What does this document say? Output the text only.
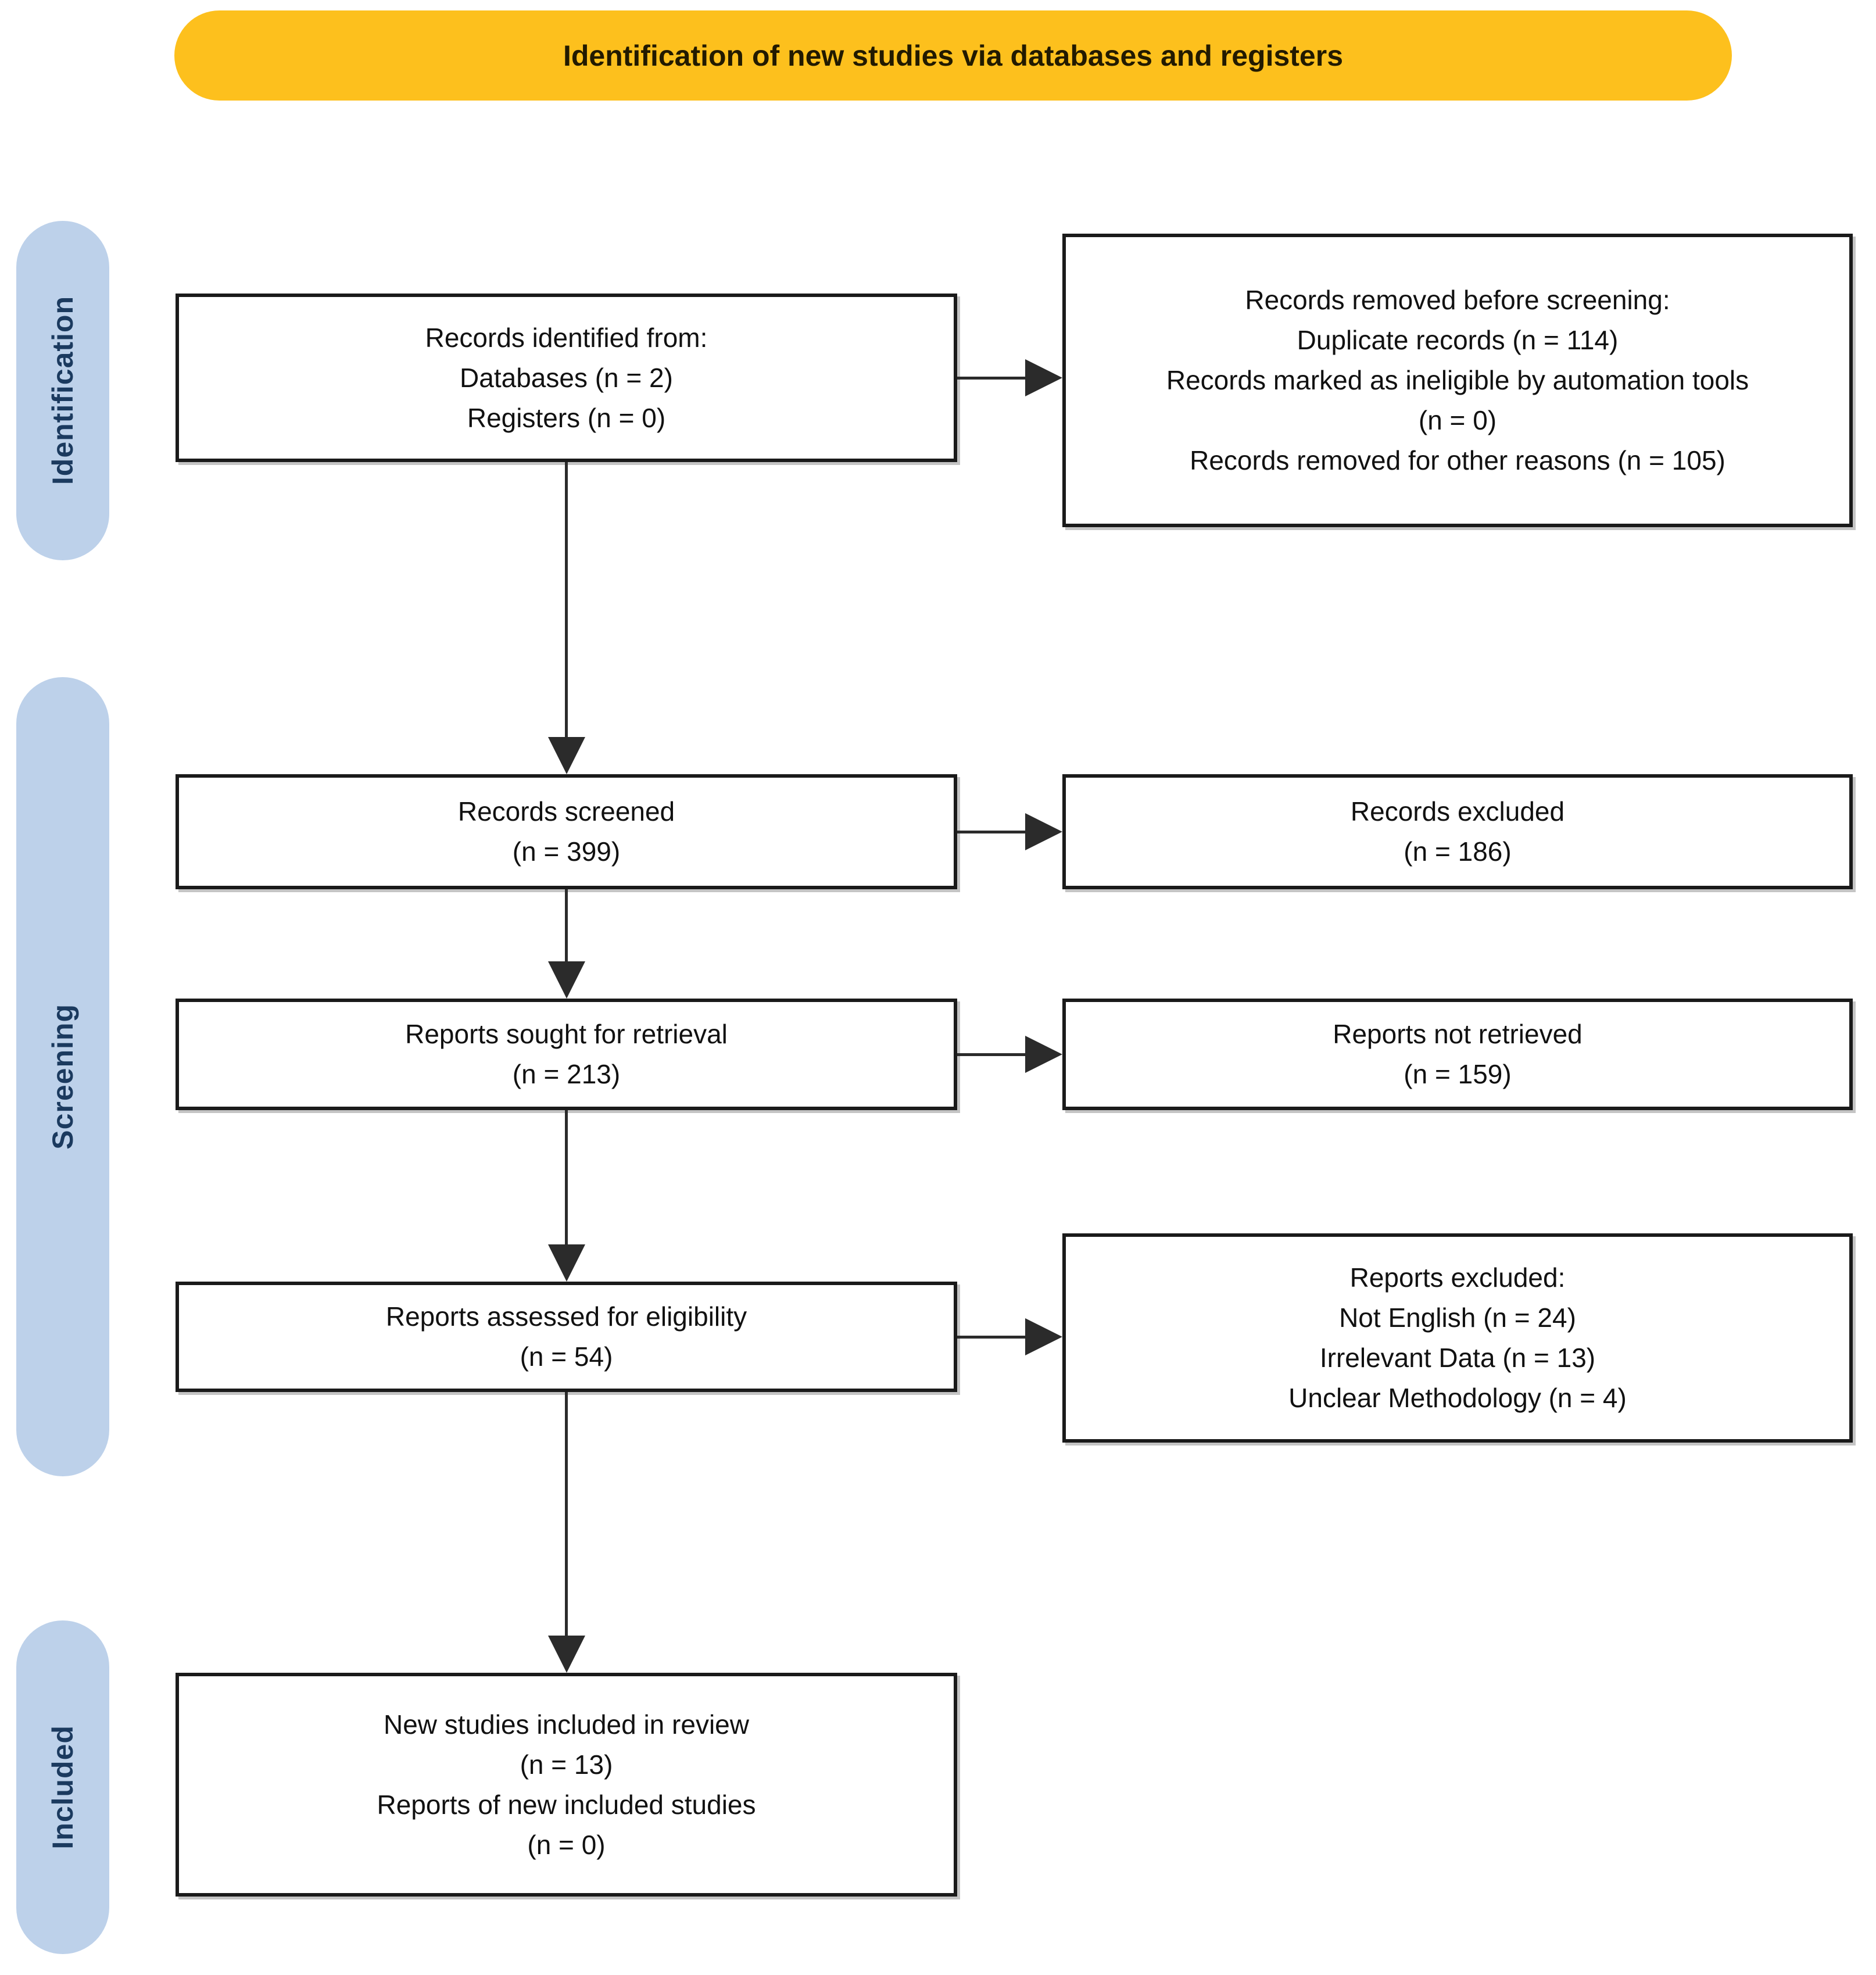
Identification of new studies via databases and registers
Identification
Screening
Included
Records identified from:
Databases (n = 2)
Registers (n = 0)
Records removed before screening:
Duplicate records (n = 114)
Records marked as ineligible by automation tools (n = 0)
Records removed for other reasons (n = 105)
Records screened
(n = 399)
Records excluded
(n = 186)
Reports sought for retrieval
(n = 213)
Reports not retrieved
(n = 159)
Reports assessed for eligibility
(n = 54)
Reports excluded:
Not English (n = 24)
Irrelevant Data (n = 13)
Unclear Methodology (n = 4)
New studies included in review
(n = 13)
Reports of new included studies
(n = 0)
